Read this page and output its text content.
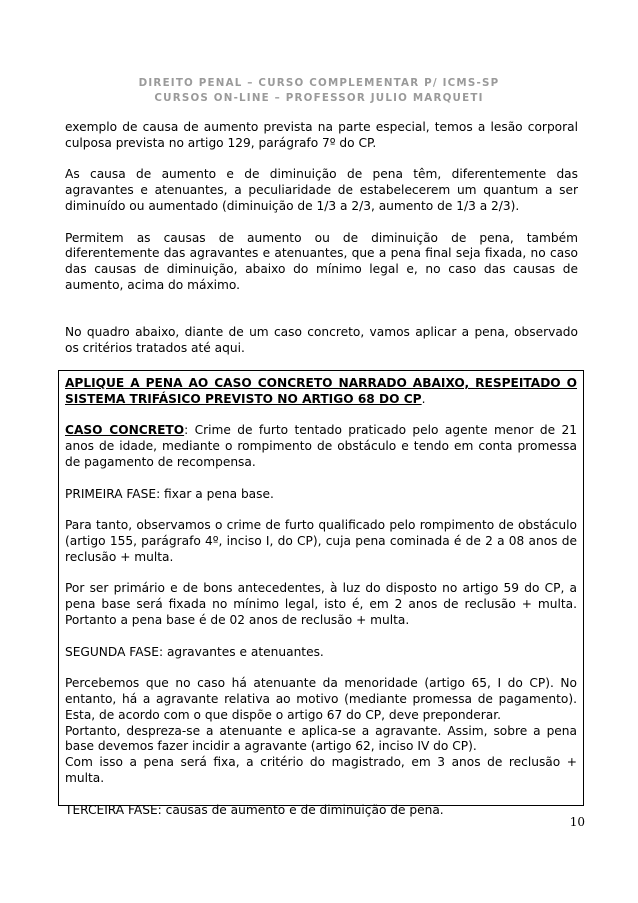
DIREITO PENAL – CURSO COMPLEMENTAR P/ ICMS-SP
CURSOS ON-LINE – PROFESSOR JULIO MARQUETI

exemplo de causa de aumento prevista na parte especial, temos a lesão corporal culposa prevista no artigo 129, parágrafo 7º do CP.

As causa de aumento e de diminuição de pena têm, diferentemente das agravantes e atenuantes, a peculiaridade de estabelecerem um quantum a ser diminuído ou aumentado (diminuição de 1/3 a 2/3, aumento de 1/3 a 2/3).

Permitem as causas de aumento ou de diminuição de pena, também diferentemente das agravantes e atenuantes, que a pena final seja fixada, no caso das causas de diminuição, abaixo do mínimo legal e, no caso das causas de aumento, acima do máximo.

No quadro abaixo, diante de um caso concreto, vamos aplicar a pena, observado os critérios tratados até aqui.

APLIQUE A PENA AO CASO CONCRETO NARRADO ABAIXO, RESPEITADO O SISTEMA TRIFÁSICO PREVISTO NO ARTIGO 68 DO CP.

CASO CONCRETO: Crime de furto tentado praticado pelo agente menor de 21 anos de idade, mediante o rompimento de obstáculo e tendo em conta promessa de pagamento de recompensa.

PRIMEIRA FASE: fixar a pena base.

Para tanto, observamos o crime de furto qualificado pelo rompimento de obstáculo (artigo 155, parágrafo 4º, inciso I, do CP), cuja pena cominada é de 2 a 08 anos de reclusão + multa.

Por ser primário e de bons antecedentes, à luz do disposto no artigo 59 do CP, a pena base será fixada no mínimo legal, isto é, em 2 anos de reclusão + multa. Portanto a pena base é de 02 anos de reclusão + multa.

SEGUNDA FASE: agravantes e atenuantes.

Percebemos que no caso há atenuante da menoridade (artigo 65, I do CP). No entanto, há a agravante relativa ao motivo (mediante promessa de pagamento). Esta, de acordo com o que dispõe o artigo 67 do CP, deve preponderar.

Portanto, despreza-se a atenuante e aplica-se a agravante. Assim, sobre a pena base devemos fazer incidir a agravante (artigo 62, inciso IV do CP).

Com isso a pena será fixa, a critério do magistrado, em 3 anos de reclusão + multa.

TERCEIRA FASE: causas de aumento e de diminuição de pena.

10
